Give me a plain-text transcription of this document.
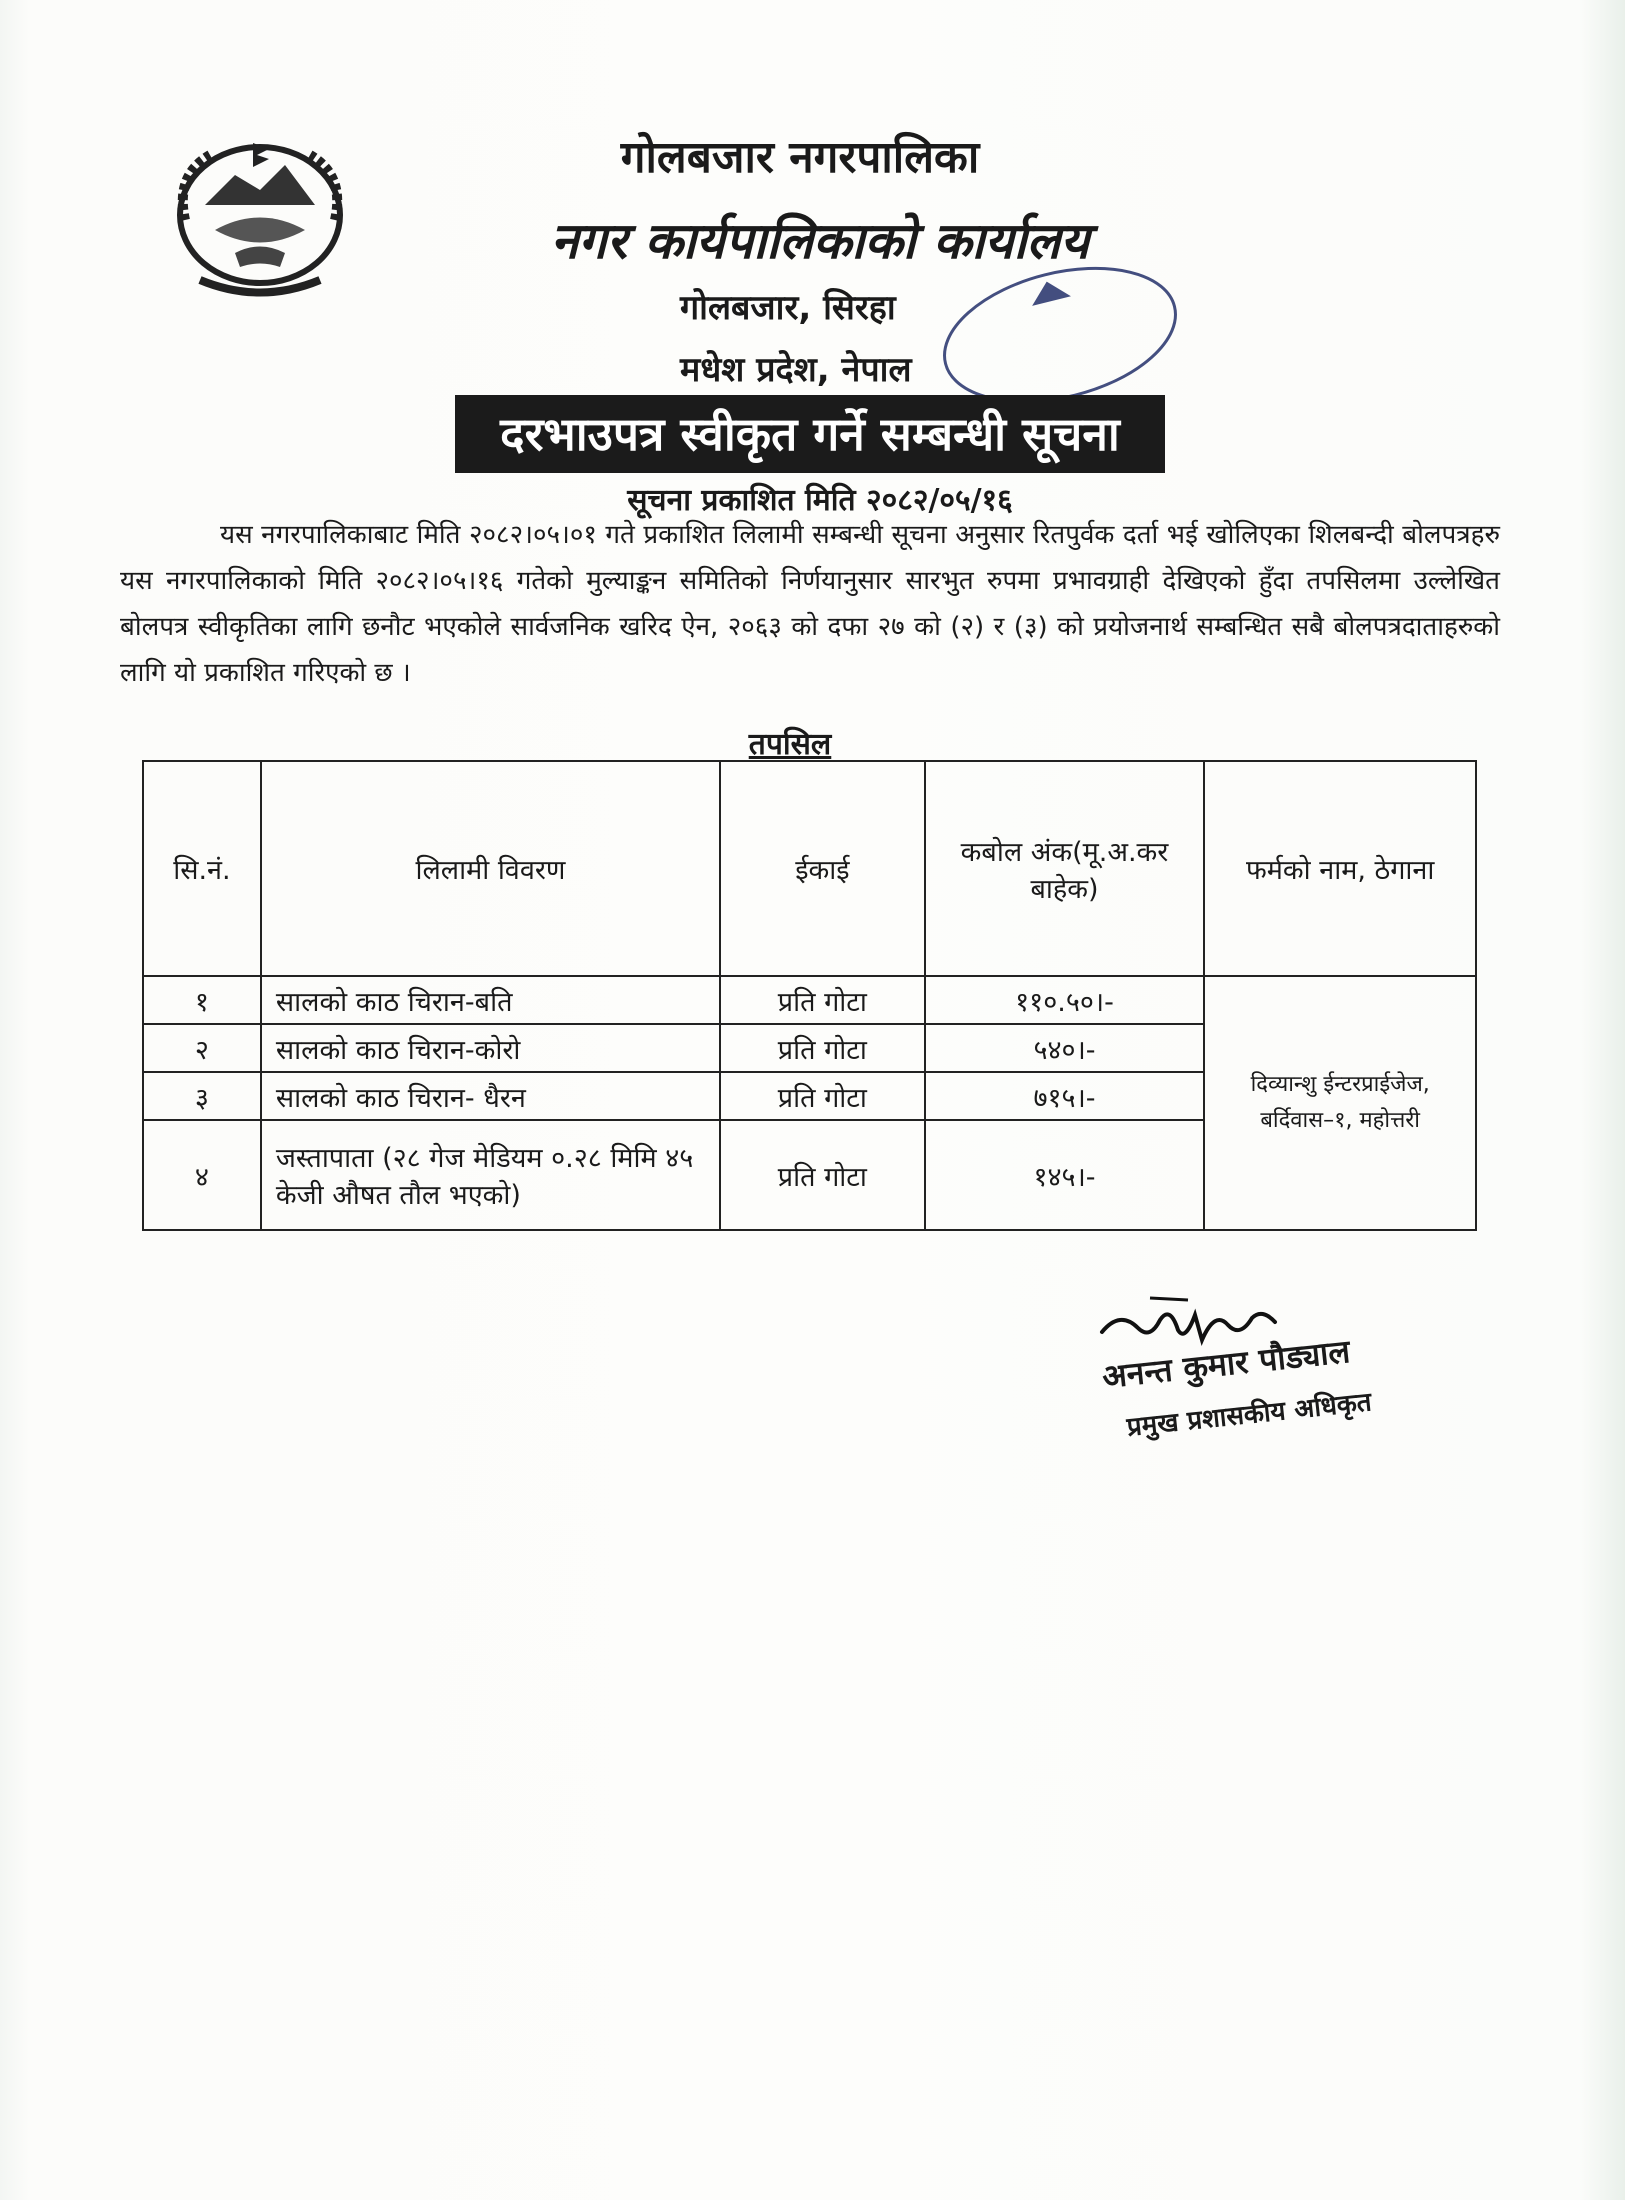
गोलबजार नगरपालिका
नगर कार्यपालिकाको कार्यालय
गोलबजार, सिरहा
मधेश प्रदेश, नेपाल
दरभाउपत्र स्वीकृत गर्ने सम्बन्धी सूचना
सूचना प्रकाशित मिति २०८२/०५/१६

यस नगरपालिकाबाट मिति २०८२।०५।०१ गते प्रकाशित लिलामी सम्बन्धी सूचना अनुसार रितपुर्वक दर्ता भई खोलिएका शिलबन्दी बोलपत्रहरु यस नगरपालिकाको मिति २०८२।०५।१६ गतेको मुल्याङ्कन समितिको निर्णयानुसार सारभुत रुपमा प्रभावग्राही देखिएको हुँदा तपसिलमा उल्लेखित बोलपत्र स्वीकृतिका लागि छनौट भएकोले सार्वजनिक खरिद ऐन, २०६३ को दफा २७ को (२) र (३) को प्रयोजनार्थ सम्बन्धित सबै बोलपत्रदाताहरुको लागि यो प्रकाशित गरिएको छ ।

तपसिल
सि.नं.	लिलामी विवरण	ईकाई	कबोल अंक(मू.अ.कर बाहेक)	फर्मको नाम, ठेगाना
१	सालको काठ चिरान-बति	प्रति गोटा	११०.५०।-	दिव्यान्शु ईन्टरप्राईजेज, बर्दिवास–१, महोत्तरी
२	सालको काठ चिरान-कोरो	प्रति गोटा	५४०।-	
३	सालको काठ चिरान- धैरन	प्रति गोटा	७१५।-	
४	जस्तापाता (२८ गेज मेडियम ०.२८ मिमि ४५ केजी औषत तौल भएको)	प्रति गोटा	१४५।-	
अनन्त कुमार पौड्याल
प्रमुख प्रशासकीय अधिकृत
